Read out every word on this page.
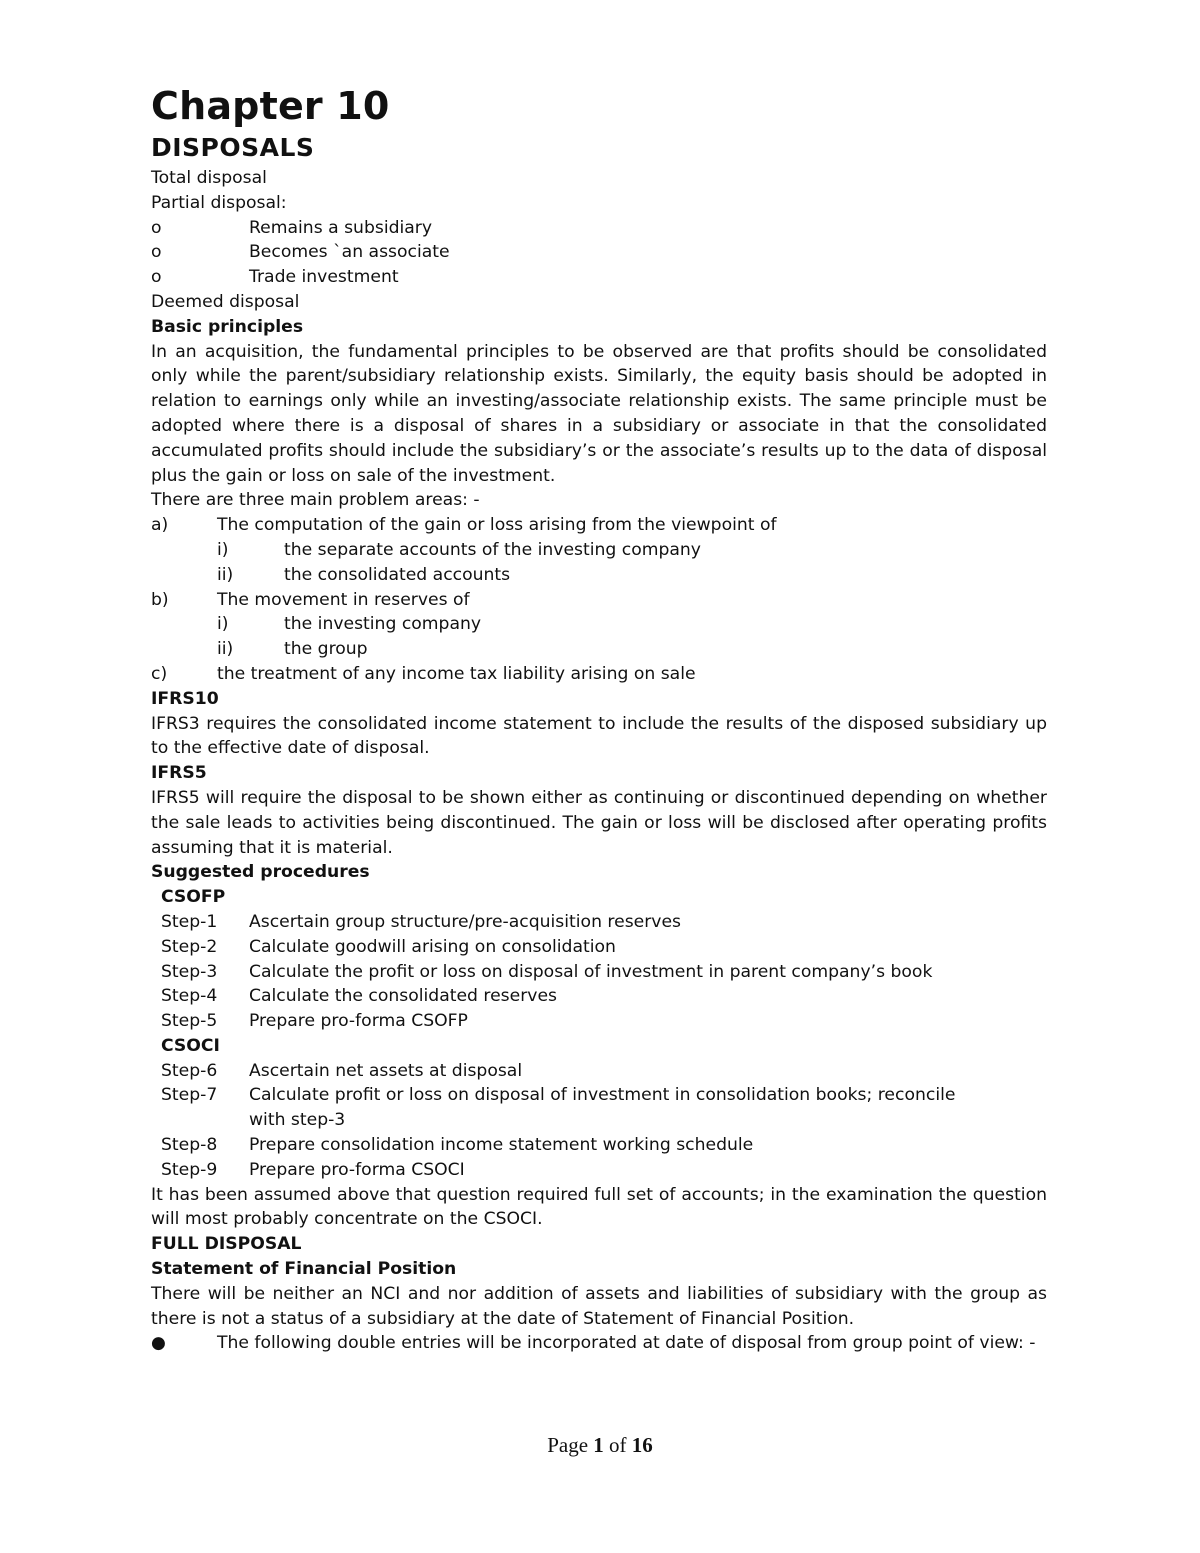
Chapter 10
DISPOSALS

Total disposal

Partial disposal:

o	Remains a subsidiary
o	Becomes `an associate
o	Trade investment

Deemed disposal

Basic principles

In an acquisition, the fundamental principles to be observed are that profits should be consolidated only while the parent/subsidiary relationship exists. Similarly, the equity basis should be adopted in relation to earnings only while an investing/associate relationship exists. The same principle must be adopted where there is a disposal of shares in a subsidiary or associate in that the consolidated accumulated profits should include the subsidiary’s or the associate’s results up to the data of disposal plus the gain or loss on sale of the investment.

There are three main problem areas: -

a)	The computation of the gain or loss arising from the viewpoint of
i)	the separate accounts of the investing company
ii)	the consolidated accounts
b)	The movement in reserves of
i)	the investing company
ii)	the group
c)	the treatment of any income tax liability arising on sale

IFRS10

IFRS3 requires the consolidated income statement to include the results of the disposed subsidiary up to the effective date of disposal.

IFRS5

IFRS5 will require the disposal to be shown either as continuing or discontinued depending on whether the sale leads to activities being discontinued. The gain or loss will be disclosed after operating profits assuming that it is material.

Suggested procedures

CSOFP

Step-1	Ascertain group structure/pre-acquisition reserves
Step-2	Calculate goodwill arising on consolidation
Step-3	Calculate the profit or loss on disposal of investment in parent company’s book
Step-4	Calculate the consolidated reserves
Step-5	Prepare pro-forma CSOFP

CSOCI

Step-6	Ascertain net assets at disposal
Step-7	Calculate profit or loss on disposal of investment in consolidation books; reconcile with step-3
Step-8	Prepare consolidation income statement working schedule
Step-9	Prepare pro-forma CSOCI

It has been assumed above that question required full set of accounts; in the examination the question will most probably concentrate on the CSOCI.

FULL DISPOSAL

Statement of Financial Position

There will be neither an NCI and nor addition of assets and liabilities of subsidiary with the group as there is not a status of a subsidiary at the date of Statement of Financial Position.

●	The following double entries will be incorporated at date of disposal from group point of view: -
Page 1 of 16
